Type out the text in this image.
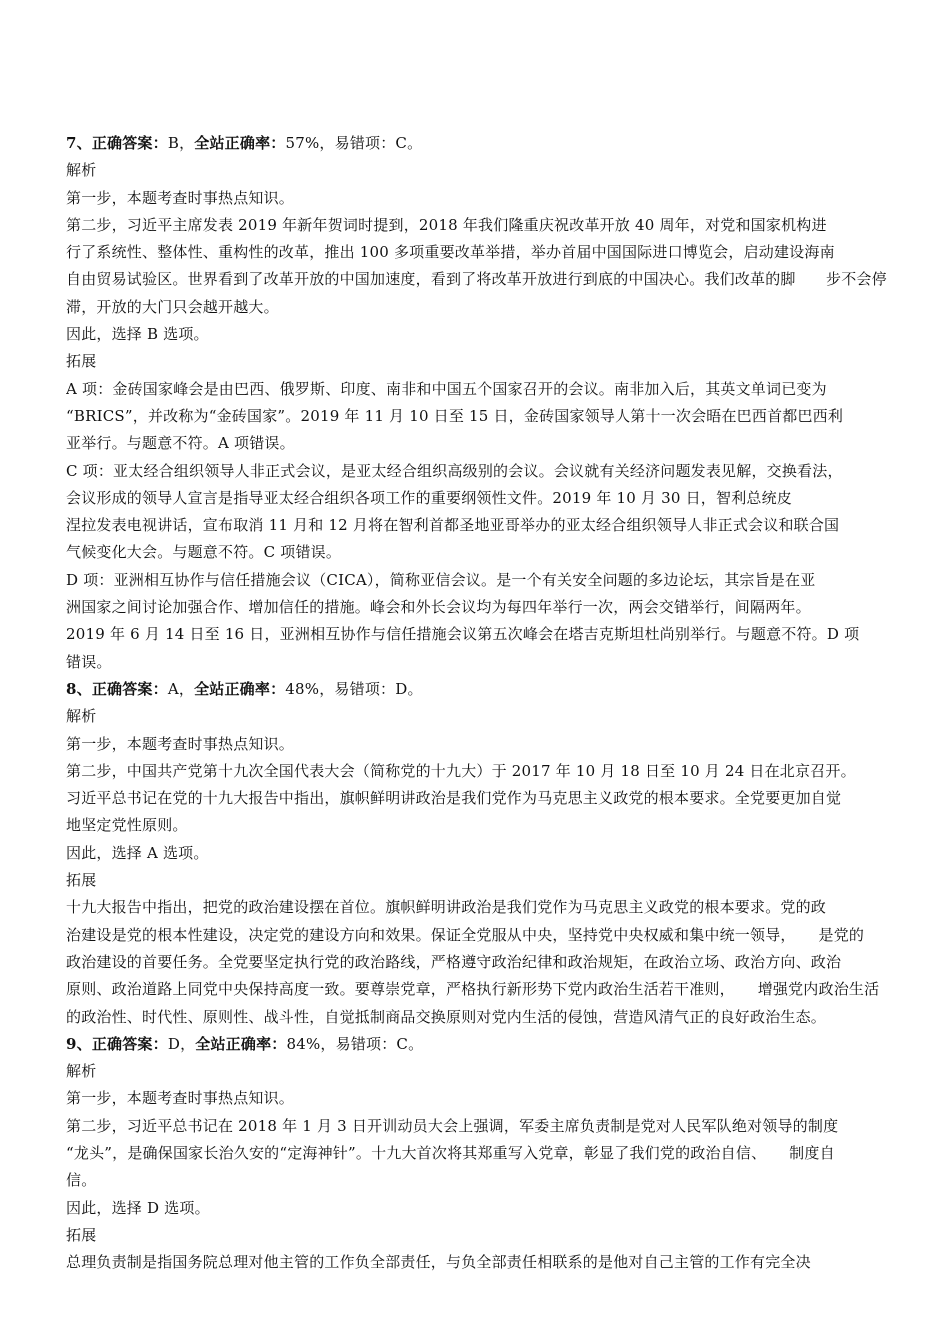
7、正确答案：B，全站正确率：57%，易错项：C。
解析
第一步，本题考查时事热点知识。
第二步，习近平主席发表 2019 年新年贺词时提到，2018 年我们隆重庆祝改革开放 40 周年，对党和国家机构进
行了系统性、整体性、重构性的改革，推出 100 多项重要改革举措，举办首届中国国际进口博览会，启动建设海南
自由贸易试验区。世界看到了改革开放的中国加速度，看到了将改革开放进行到底的中国决心。我们改革的脚　　步不会停
滞，开放的大门只会越开越大。
因此，选择 B 选项。
拓展
A 项：金砖国家峰会是由巴西、俄罗斯、印度、南非和中国五个国家召开的会议。南非加入后，其英文单词已变为
“BRICS”，并改称为“金砖国家”。2019 年 11 月 10 日至 15 日，金砖国家领导人第十一次会晤在巴西首都巴西利
亚举行。与题意不符。A 项错误。
C 项：亚太经合组织领导人非正式会议，是亚太经合组织高级别的会议。会议就有关经济问题发表见解，交换看法，
会议形成的领导人宣言是指导亚太经合组织各项工作的重要纲领性文件。2019 年 10 月 30 日，智利总统皮
涅拉发表电视讲话，宣布取消 11 月和 12 月将在智利首都圣地亚哥举办的亚太经合组织领导人非正式会议和联合国
气候变化大会。与题意不符。C 项错误。
D 项：亚洲相互协作与信任措施会议（CICA），简称亚信会议。是一个有关安全问题的多边论坛，其宗旨是在亚
洲国家之间讨论加强合作、增加信任的措施。峰会和外长会议均为每四年举行一次，两会交错举行，间隔两年。
2019 年 6 月 14 日至 16 日，亚洲相互协作与信任措施会议第五次峰会在塔吉克斯坦杜尚别举行。与题意不符。D 项
错误。
8、正确答案：A，全站正确率：48%，易错项：D。
解析
第一步，本题考查时事热点知识。
第二步，中国共产党第十九次全国代表大会（简称党的十九大）于 2017 年 10 月 18 日至 10 月 24 日在北京召开。
习近平总书记在党的十九大报告中指出，旗帜鲜明讲政治是我们党作为马克思主义政党的根本要求。全党要更加自觉
地坚定党性原则。
因此，选择 A 选项。
拓展
十九大报告中指出，把党的政治建设摆在首位。旗帜鲜明讲政治是我们党作为马克思主义政党的根本要求。党的政
治建设是党的根本性建设，决定党的建设方向和效果。保证全党服从中央，坚持党中央权威和集中统一领导，　　是党的
政治建设的首要任务。全党要坚定执行党的政治路线，严格遵守政治纪律和政治规矩，在政治立场、政治方向、政治
原则、政治道路上同党中央保持高度一致。要尊崇党章，严格执行新形势下党内政治生活若干准则，　　增强党内政治生活
的政治性、时代性、原则性、战斗性，自觉抵制商品交换原则对党内生活的侵蚀，营造风清气正的良好政治生态。
9、正确答案：D，全站正确率：84%，易错项：C。
解析
第一步，本题考查时事热点知识。
第二步，习近平总书记在 2018 年 1 月 3 日开训动员大会上强调，军委主席负责制是党对人民军队绝对领导的制度
“龙头”，是确保国家长治久安的“定海神针”。十九大首次将其郑重写入党章，彰显了我们党的政治自信、　　制度自
信。
因此，选择 D 选项。
拓展
总理负责制是指国务院总理对他主管的工作负全部责任，与负全部责任相联系的是他对自己主管的工作有完全决
